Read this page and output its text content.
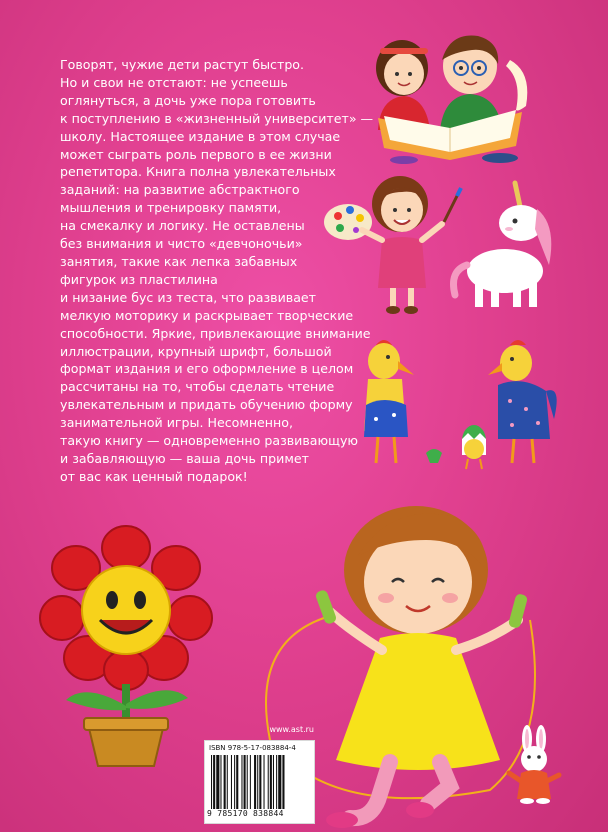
Говорят, чужие дети растут быстро.
Но и свои не отстают: не успеешь
оглянуться, а дочь уже пора готовить
к поступлению в «жизненный университет» —
школу. Настоящее издание в этом случае
может сыграть роль первого в ее жизни
репетитора. Книга полна увлекательных
заданий: на развитие абстрактного
мышления и тренировку памяти,
на смекалку и логику. Не оставлены
без внимания и чисто «девчоночьи»
занятия, такие как лепка забавных
фигурок из пластилина
и низание бус из теста, что развивает
мелкую моторику и раскрывает творческие
способности. Яркие, привлекающие внимание
иллюстрации, крупный шрифт, большой
формат издания и его оформление в целом
рассчитаны на то, чтобы сделать чтение
увлекательным и придать обучению форму
занимательной игры. Несомненно,
такую книгу — одновременно развивающую
и забавляющую — ваша дочь примет
от вас как ценный подарок!
www.ast.ru
ISBN 978-5-17-083884-4
9 785170 838844
